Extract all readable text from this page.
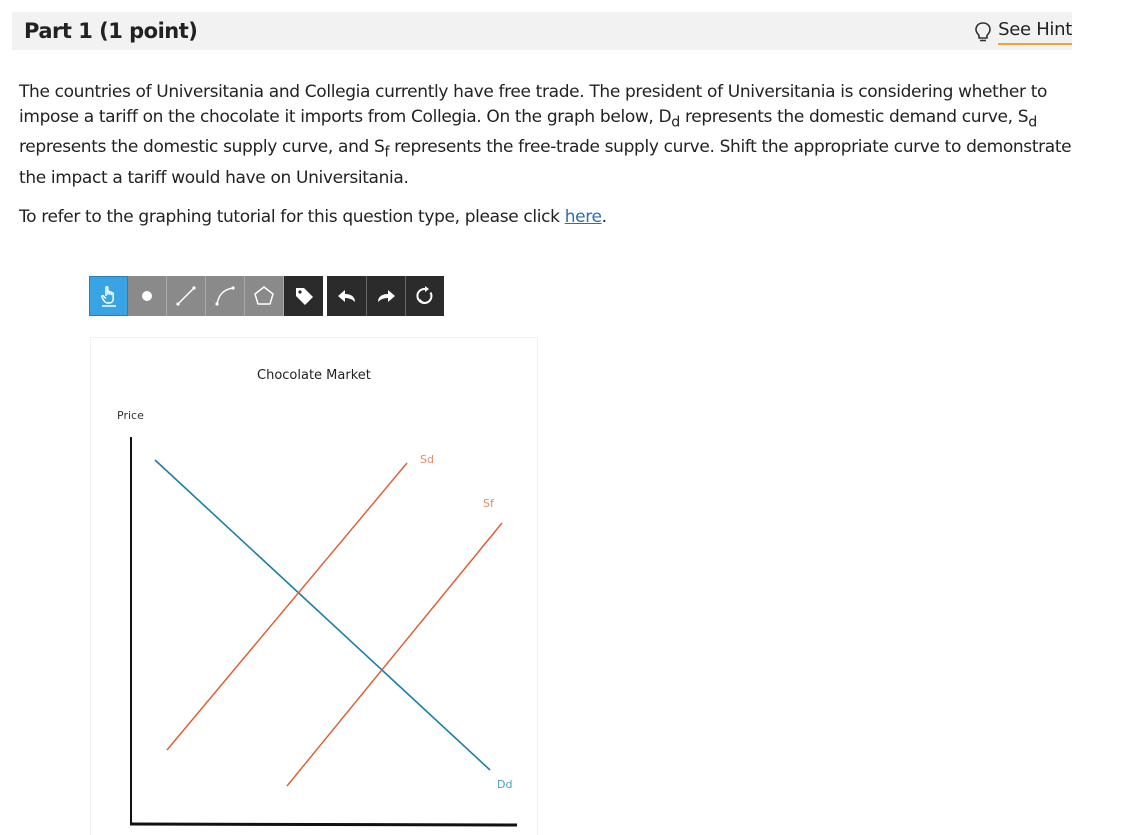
Part 1 (1 point)	See Hint

The countries of Universitania and Collegia currently have free trade. The president of Universitania is considering whether to impose a tariff on the chocolate it imports from Collegia. On the graph below, $D_d$ represents the domestic demand curve, $S_d$ represents the domestic supply curve, and $S_f$ represents the free-trade supply curve. Shift the appropriate curve to demonstrate the impact a tariff would have on Universitania.

To refer to the graphing tutorial for this question type, please click here.

Chocolate Market
Price
Sd
Sf
Dd
